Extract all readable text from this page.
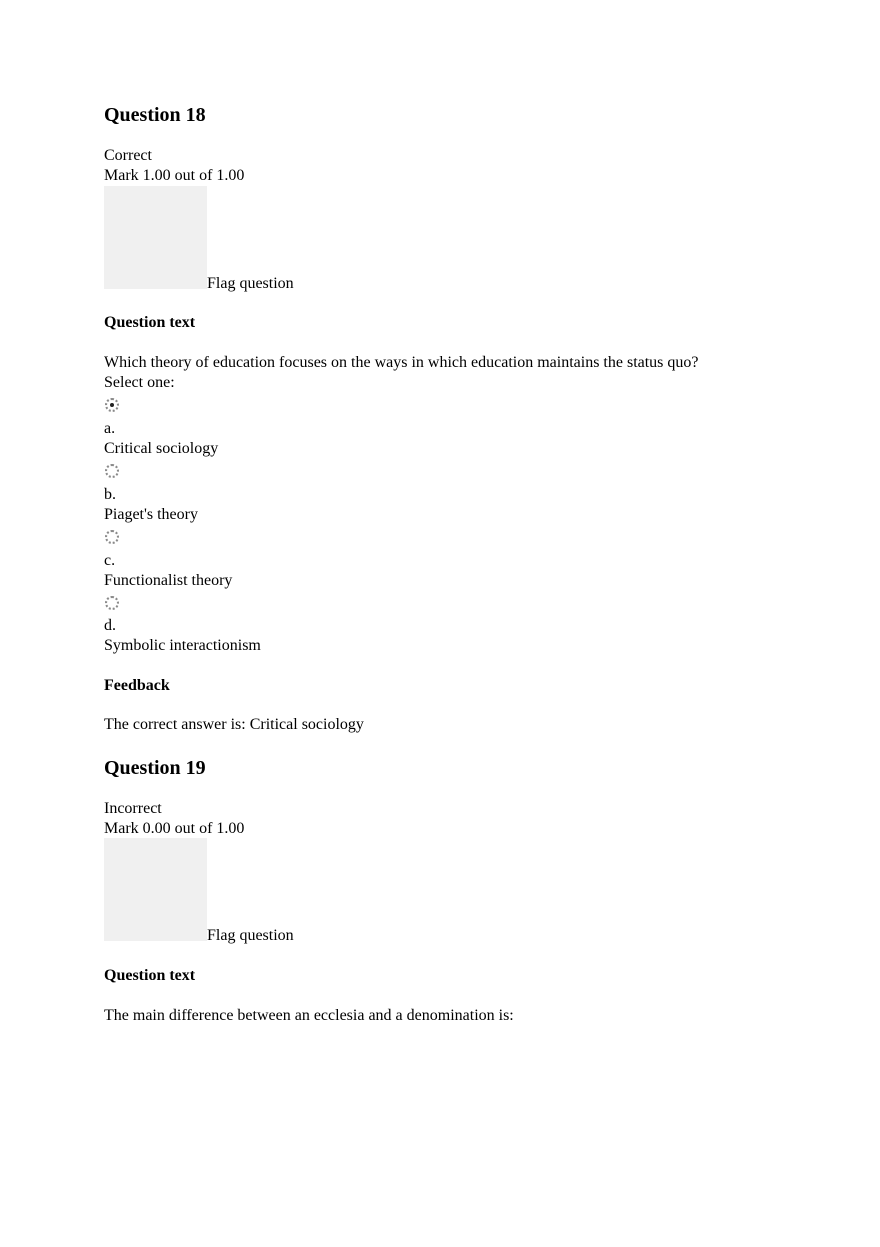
Question 18
Correct
Mark 1.00 out of 1.00
Flag question
Question text
Which theory of education focuses on the ways in which education maintains the status quo?
Select one:
a.
Critical sociology
b.
Piaget's theory
c.
Functionalist theory
d.
Symbolic interactionism
Feedback
The correct answer is: Critical sociology
Question 19
Incorrect
Mark 0.00 out of 1.00
Flag question
Question text
The main difference between an ecclesia and a denomination is:
